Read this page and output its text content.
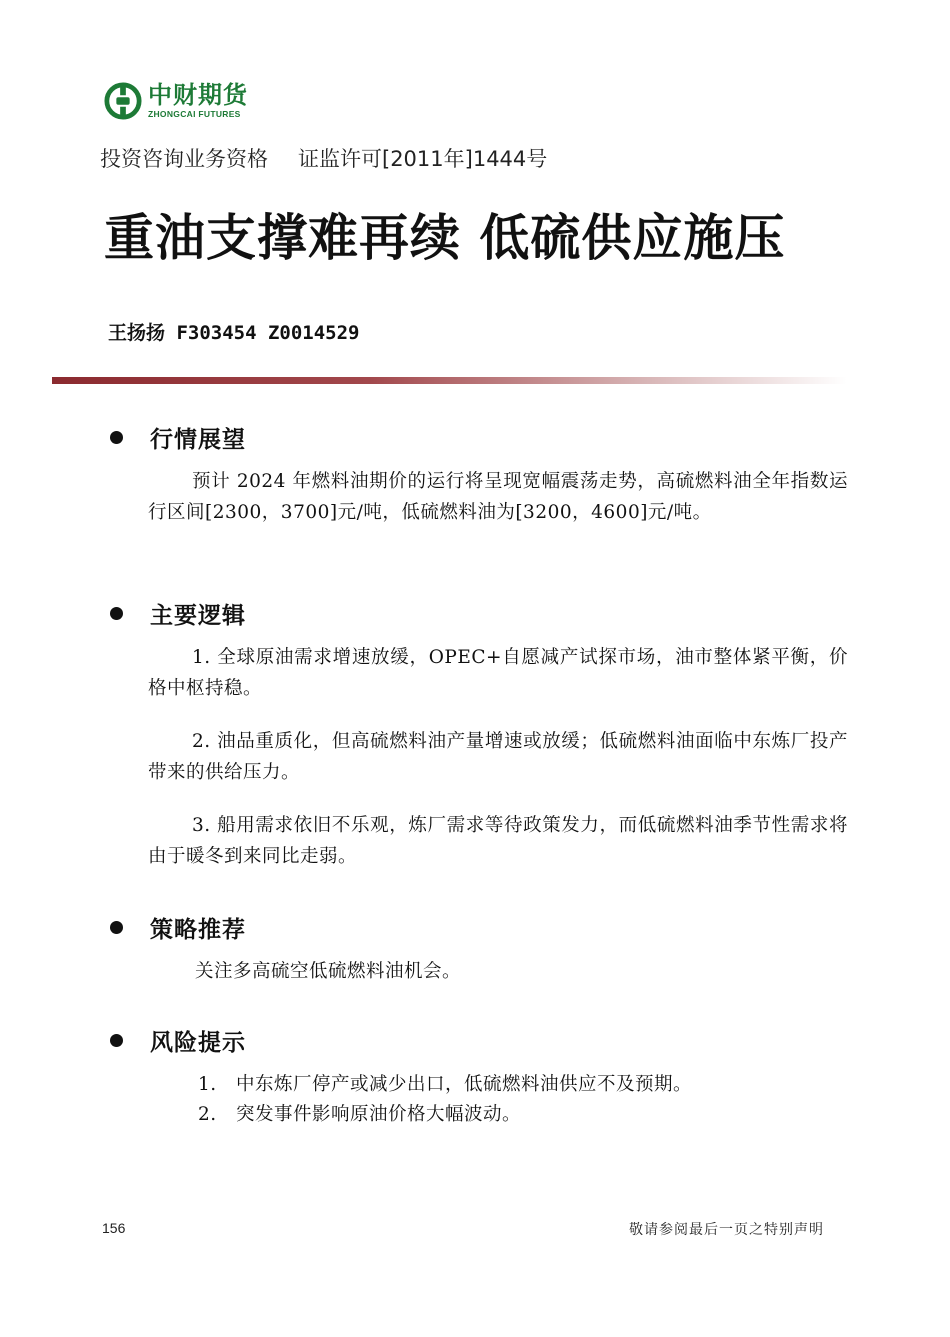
中财期货
ZHONGCAI FUTURES
投资咨询业务资格 证监许可[2011年]1444号
重油支撑难再续 低硫供应施压
王扬扬 F303454 Z0014529
行情展望
预计 2024 年燃料油期价的运行将呈现宽幅震荡走势，高硫燃料油全年指数运行区间[2300，3700]元/吨，低硫燃料油为[3200，4600]元/吨。
主要逻辑
1. 全球原油需求增速放缓，OPEC+自愿减产试探市场，油市整体紧平衡，价格中枢持稳。
2. 油品重质化，但高硫燃料油产量增速或放缓；低硫燃料油面临中东炼厂投产带来的供给压力。
3. 船用需求依旧不乐观，炼厂需求等待政策发力，而低硫燃料油季节性需求将由于暖冬到来同比走弱。
策略推荐
关注多高硫空低硫燃料油机会。
风险提示
1.	中东炼厂停产或减少出口，低硫燃料油供应不及预期。
2.	突发事件影响原油价格大幅波动。
156	敬请参阅最后一页之特别声明
